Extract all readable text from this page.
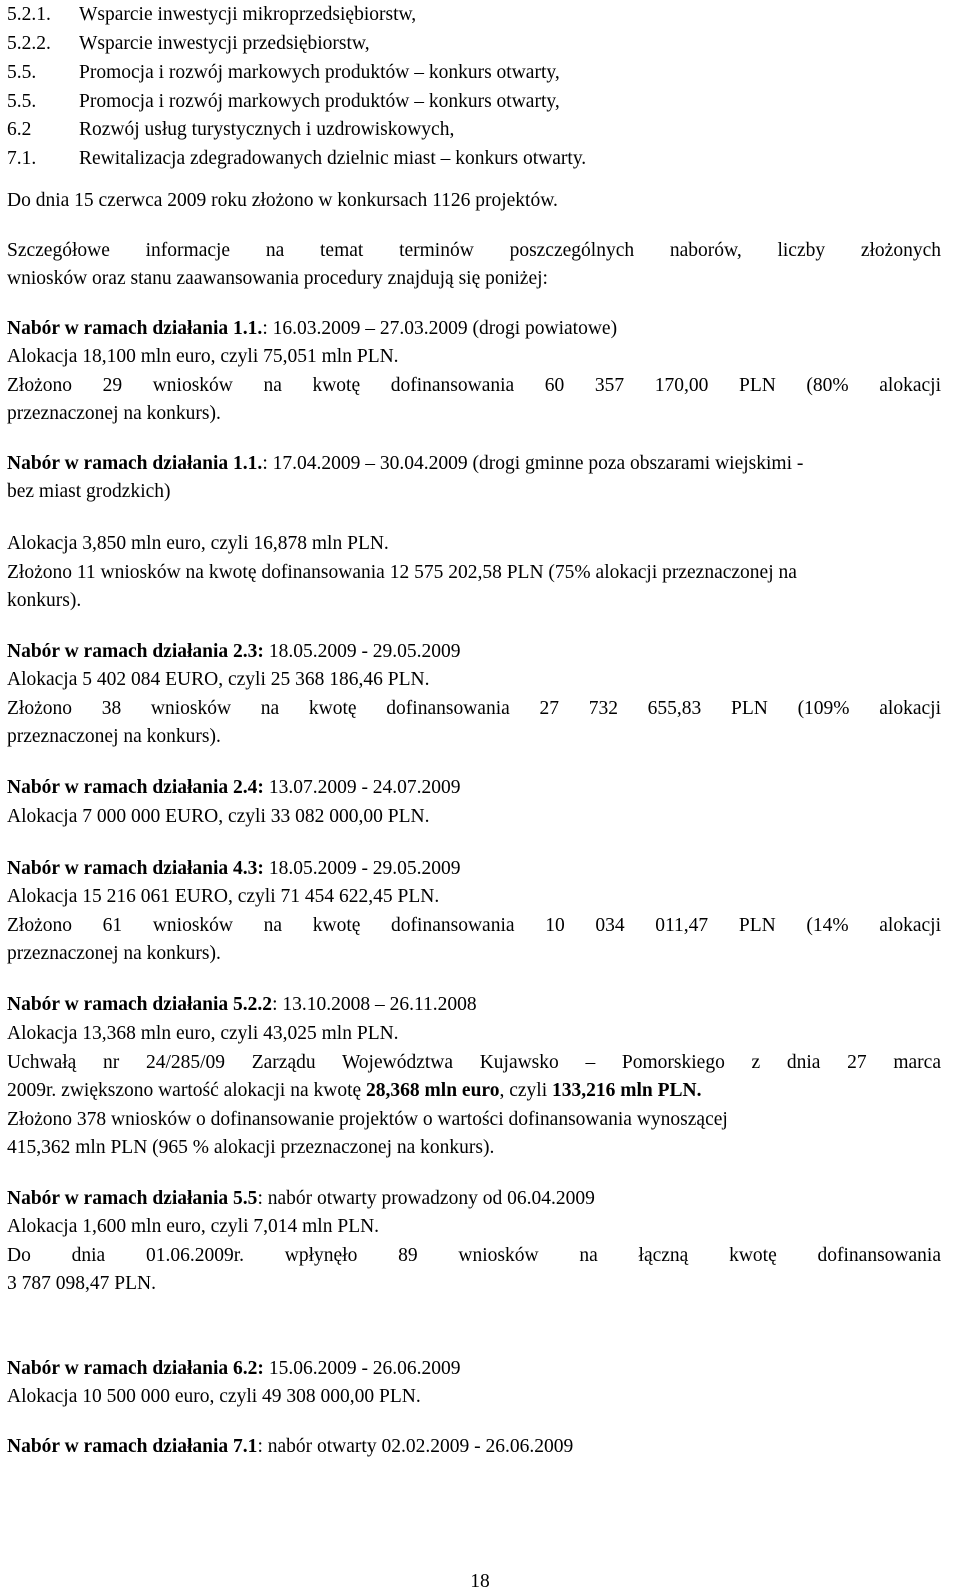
5.2.1. Wsparcie inwestycji mikroprzedsiębiorstw,
5.2.2. Wsparcie inwestycji przedsiębiorstw,
5.5. Promocja i rozwój markowych produktów – konkurs otwarty,
5.5. Promocja i rozwój markowych produktów – konkurs otwarty,
6.2 Rozwój usług turystycznych i uzdrowiskowych,
7.1. Rewitalizacja zdegradowanych dzielnic miast – konkurs otwarty.
Do dnia 15 czerwca 2009 roku złożono w konkursach 1126 projektów.
Szczegółowe informacje na temat terminów poszczególnych naborów, liczby złożonych
wniosków oraz stanu zaawansowania procedury znajdują się poniżej:
Nabór w ramach działania 1.1.: 16.03.2009 – 27.03.2009 (drogi powiatowe)
Alokacja 18,100 mln euro, czyli 75,051 mln PLN.
Złożono 29 wniosków na kwotę dofinansowania 60 357 170,00 PLN (80% alokacji
przeznaczonej na konkurs).
Nabór w ramach działania 1.1.: 17.04.2009 – 30.04.2009 (drogi gminne poza obszarami wiejskimi -
bez miast grodzkich)
Alokacja 3,850 mln euro, czyli 16,878 mln PLN.
Złożono 11 wniosków na kwotę dofinansowania 12 575 202,58 PLN (75% alokacji przeznaczonej na
konkurs).
Nabór w ramach działania 2.3: 18.05.2009 - 29.05.2009
Alokacja 5 402 084 EURO, czyli 25 368 186,46 PLN.
Złożono 38 wniosków na kwotę dofinansowania 27 732 655,83 PLN (109% alokacji
przeznaczonej na konkurs).
Nabór w ramach działania 2.4: 13.07.2009 - 24.07.2009
Alokacja 7 000 000 EURO, czyli 33 082 000,00 PLN.
Nabór w ramach działania 4.3: 18.05.2009 - 29.05.2009
Alokacja 15 216 061 EURO, czyli 71 454 622,45 PLN.
Złożono 61 wniosków na kwotę dofinansowania 10 034 011,47 PLN (14% alokacji
przeznaczonej na konkurs).
Nabór w ramach działania 5.2.2: 13.10.2008 – 26.11.2008
Alokacja 13,368 mln euro, czyli 43,025 mln PLN.
Uchwałą nr 24/285/09 Zarządu Województwa Kujawsko – Pomorskiego z dnia 27 marca
2009r. zwiększono wartość alokacji na kwotę 28,368 mln euro, czyli 133,216 mln PLN.
Złożono 378 wniosków o dofinansowanie projektów o wartości dofinansowania wynoszącej
415,362 mln PLN (965 % alokacji przeznaczonej na konkurs).
Nabór w ramach działania 5.5: nabór otwarty prowadzony od 06.04.2009
Alokacja 1,600 mln euro, czyli 7,014 mln PLN.
Do dnia 01.06.2009r. wpłynęło 89 wniosków na łączną kwotę dofinansowania
3 787 098,47 PLN.
Nabór w ramach działania 6.2: 15.06.2009 - 26.06.2009
Alokacja 10 500 000 euro, czyli 49 308 000,00 PLN.
Nabór w ramach działania 7.1: nabór otwarty 02.02.2009 - 26.06.2009
18
